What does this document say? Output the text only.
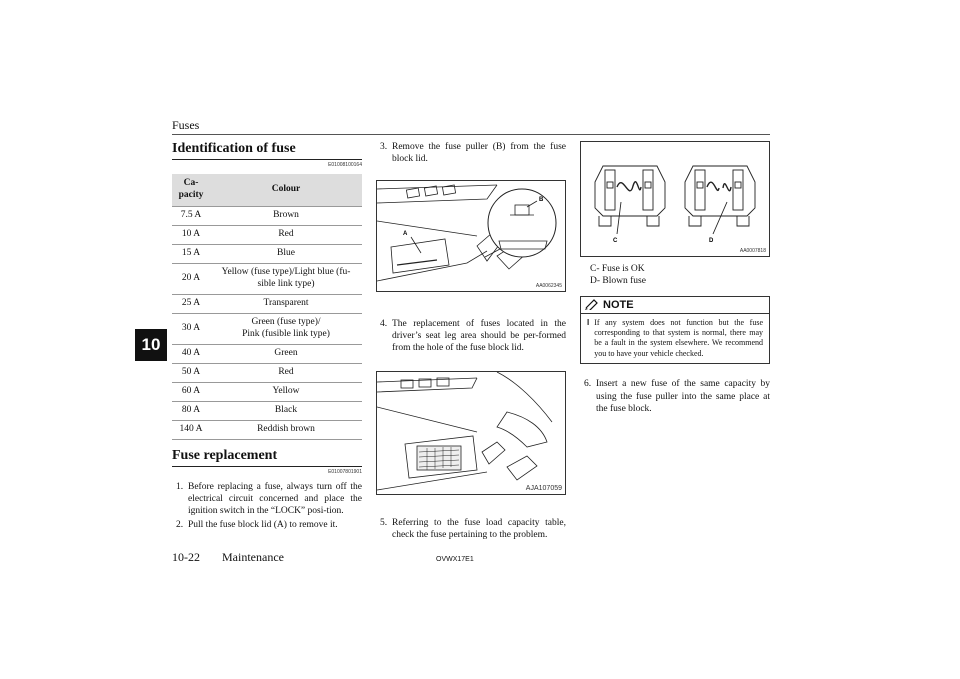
Fuses
10
Identification of fuse
E01008100164
Ca-
pacity	Colour
7.5 A	Brown
10 A	Red
15 A	Blue
20 A	Yellow (fuse type)/Light blue (fu-
sible link type)
25 A	Transparent
30 A	Green (fuse type)/
Pink (fusible link type)
40 A	Green
50 A	Red
60 A	Yellow
80 A	Black
140 A	Reddish brown
Fuse replacement
E01007801901
1. Before replacing a fuse, always turn off the electrical circuit concerned and place the ignition switch in the “LOCK” posi-tion.
2. Pull the fuse block lid (A) to remove it.
3. Remove the fuse puller (B) from the fuse block lid.
A
B
AA0062345
4. The replacement of fuses located in the driver’s seat leg area should be per-formed from the hole of the fuse block lid.
AJA107059
5. Referring to the fuse load capacity table, check the fuse pertaining to the problem.
C	D
AA0007818
C- Fuse is OK
D- Blown fuse
NOTE
l If any system does not function but the fuse corresponding to that system is normal, there may be a fault in the system elsewhere. We recommend you to have your vehicle checked.
6. Insert a new fuse of the same capacity by using the fuse puller into the same place at the fuse block.
10-22 Maintenance	OVWX17E1
